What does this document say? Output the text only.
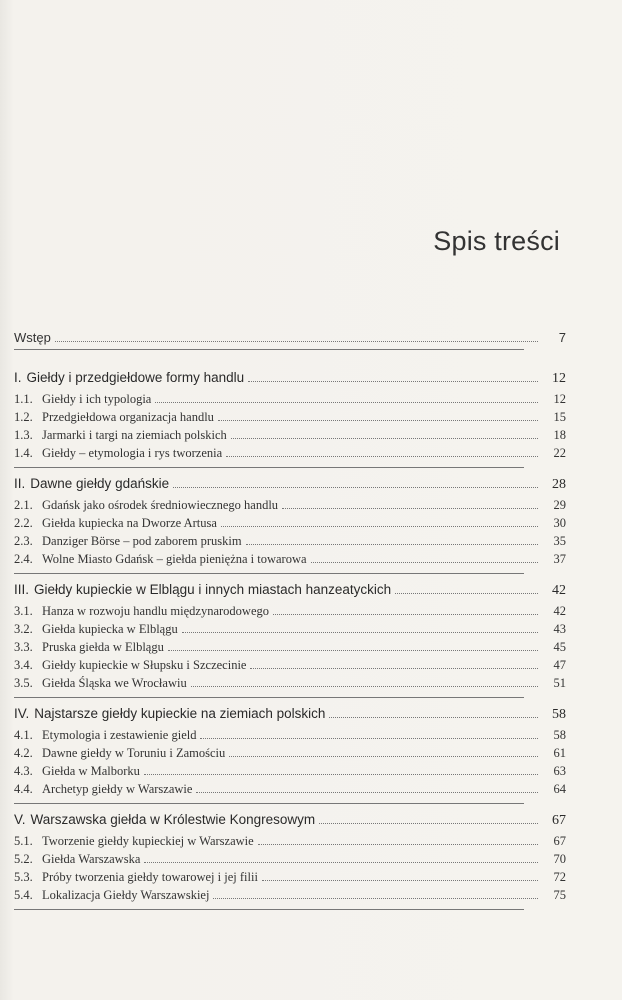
Spis treści
Wstęp	7
I. Giełdy i przedgiełdowe formy handlu	12
1.1. Giełdy i ich typologia	12
1.2. Przedgiełdowa organizacja handlu	15
1.3. Jarmarki i targi na ziemiach polskich	18
1.4. Giełdy – etymologia i rys tworzenia	22
II. Dawne giełdy gdańskie	28
2.1. Gdańsk jako ośrodek średniowiecznego handlu	29
2.2. Giełda kupiecka na Dworze Artusa	30
2.3. Danziger Börse – pod zaborem pruskim	35
2.4. Wolne Miasto Gdańsk – giełda pieniężna i towarowa	37
III. Giełdy kupieckie w Elblągu i innych miastach hanzeatyckich	42
3.1. Hanza w rozwoju handlu międzynarodowego	42
3.2. Giełda kupiecka w Elblągu	43
3.3. Pruska giełda w Elblągu	45
3.4. Giełdy kupieckie w Słupsku i Szczecinie	47
3.5. Giełda Śląska we Wrocławiu	51
IV. Najstarsze giełdy kupieckie na ziemiach polskich	58
4.1. Etymologia i zestawienie gield	58
4.2. Dawne giełdy w Toruniu i Zamościu	61
4.3. Giełda w Malborku	63
4.4. Archetyp giełdy w Warszawie	64
V. Warszawska giełda w Królestwie Kongresowym	67
5.1. Tworzenie giełdy kupieckiej w Warszawie	67
5.2. Giełda Warszawska	70
5.3. Próby tworzenia giełdy towarowej i jej filii	72
5.4. Lokalizacja Giełdy Warszawskiej	75
